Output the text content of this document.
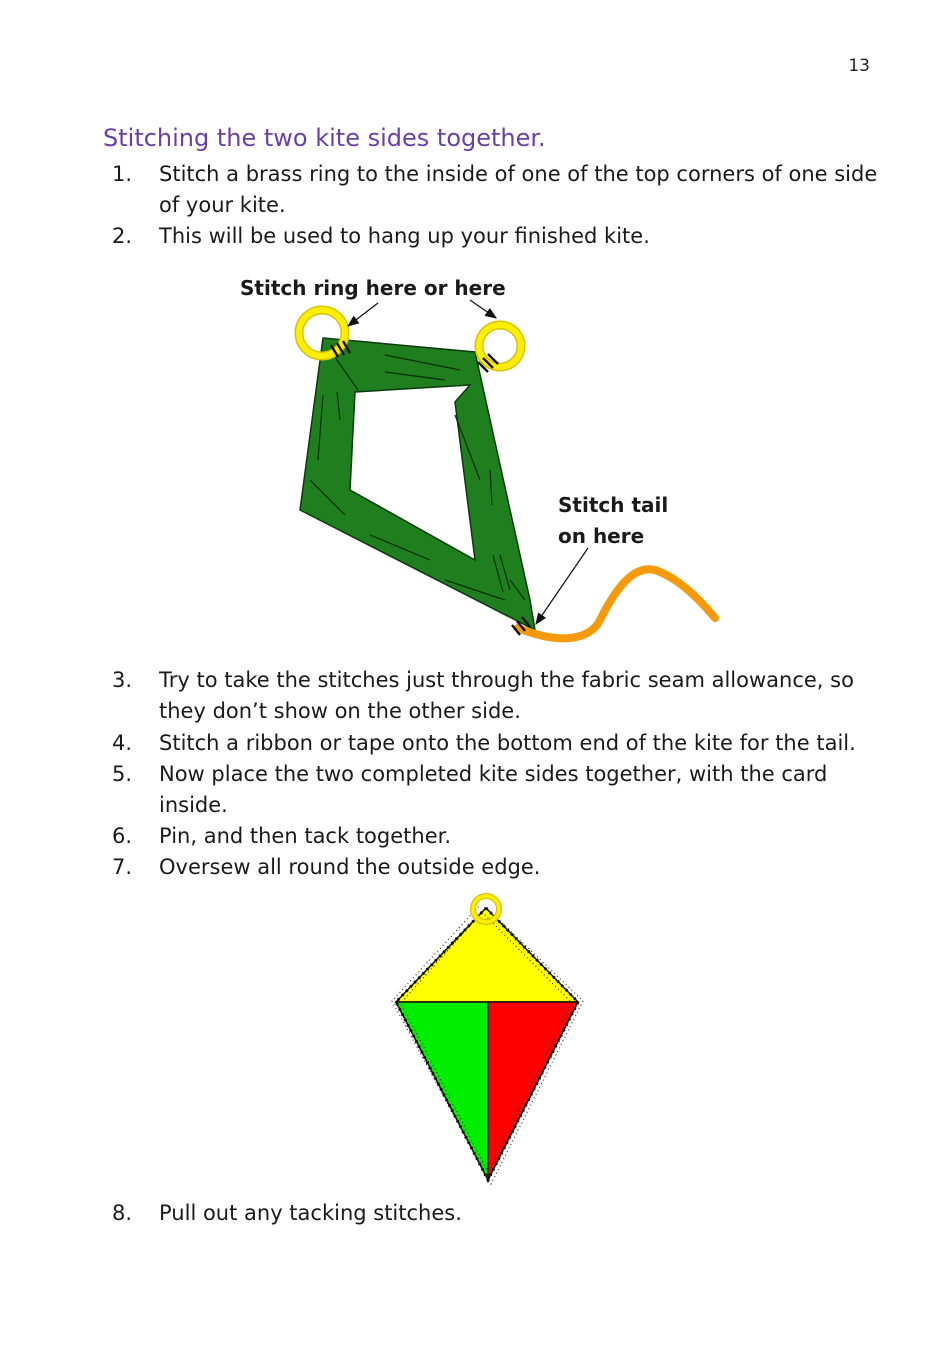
13
Stitching the two kite sides together.
1. Stitch a brass ring to the inside of one of the top corners of one side of your kite.
2. This will be used to hang up your finished kite.
Stitch ring here or here
Stitch tail
on here
3. Try to take the stitches just through the fabric seam allowance, so they don’t show on the other side.
4. Stitch a ribbon or tape onto the bottom end of the kite for the tail.
5. Now place the two completed kite sides together, with the card inside.
6. Pin, and then tack together.
7. Oversew all round the outside edge.
8. Pull out any tacking stitches.
